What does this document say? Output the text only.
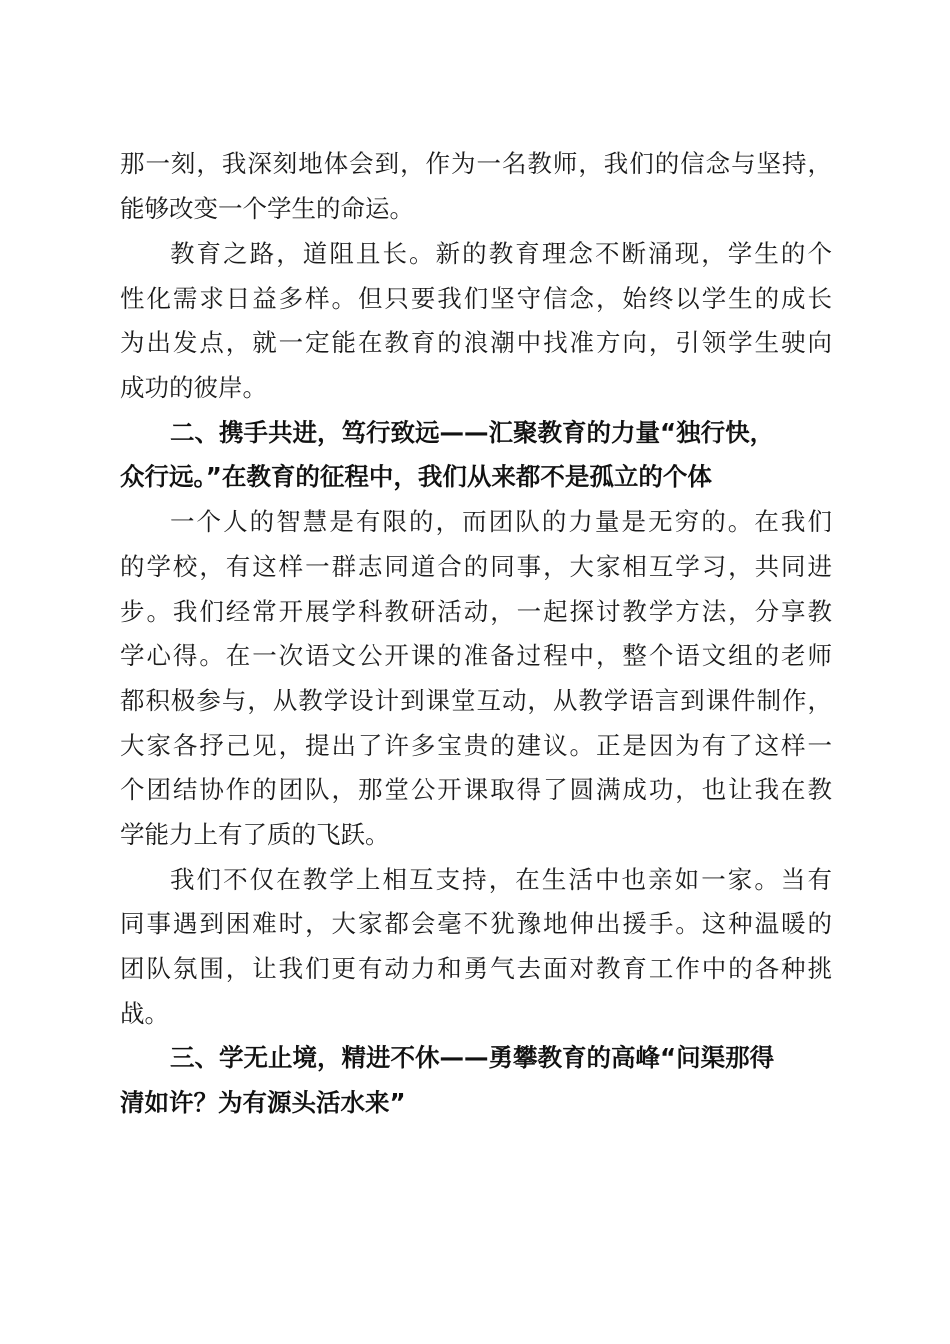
那一刻，我深刻地体会到，作为一名教师，我们的信念与坚持，
能够改变一个学生的命运。
教育之路，道阻且长。新的教育理念不断涌现，学生的个
性化需求日益多样。但只要我们坚守信念，始终以学生的成长
为出发点，就一定能在教育的浪潮中找准方向，引领学生驶向
成功的彼岸。
二、携手共进，笃行致远——汇聚教育的力量“独行快，
众行远。”在教育的征程中，我们从来都不是孤立的个体
一个人的智慧是有限的，而团队的力量是无穷的。在我们
的学校，有这样一群志同道合的同事，大家相互学习，共同进
步。我们经常开展学科教研活动，一起探讨教学方法，分享教
学心得。在一次语文公开课的准备过程中，整个语文组的老师
都积极参与，从教学设计到课堂互动，从教学语言到课件制作，
大家各抒己见，提出了许多宝贵的建议。正是因为有了这样一
个团结协作的团队，那堂公开课取得了圆满成功，也让我在教
学能力上有了质的飞跃。
我们不仅在教学上相互支持，在生活中也亲如一家。当有
同事遇到困难时，大家都会毫不犹豫地伸出援手。这种温暖的
团队氛围，让我们更有动力和勇气去面对教育工作中的各种挑
战。
三、学无止境，精进不休——勇攀教育的高峰“问渠那得
清如许？为有源头活水来”
